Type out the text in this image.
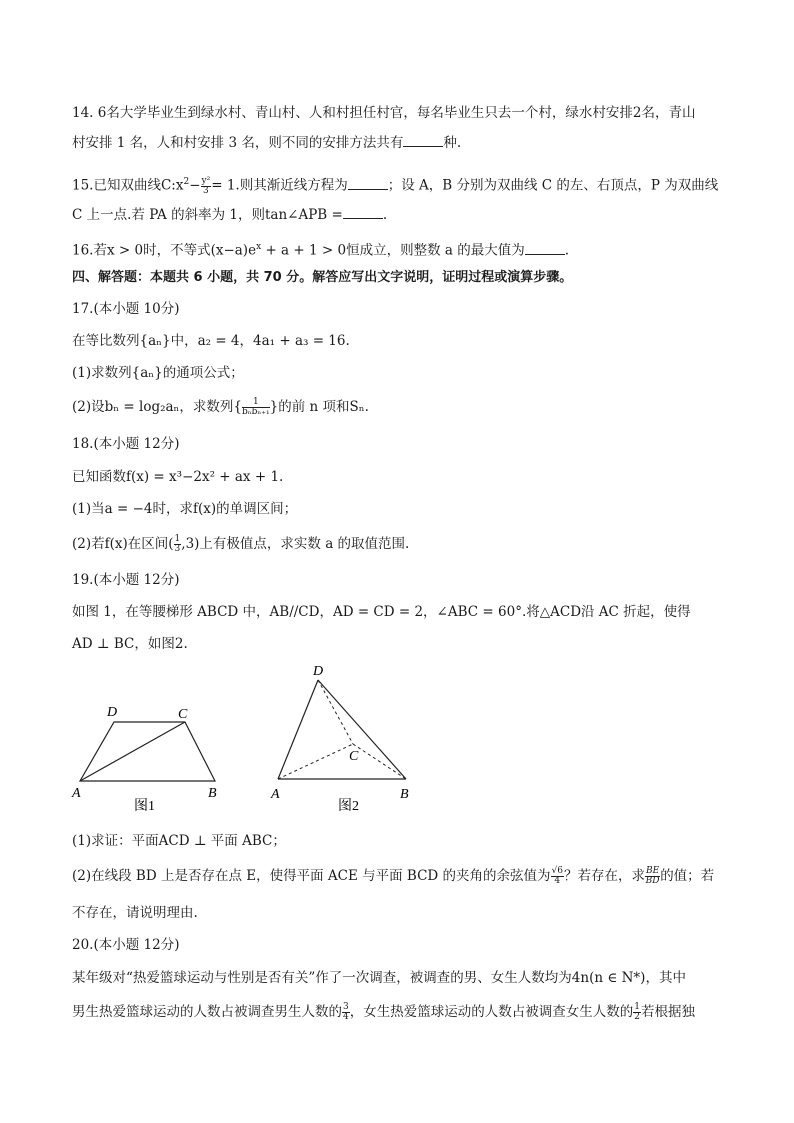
14. 6名大学毕业生到绿水村、青山村、人和村担任村官，每名毕业生只去一个村，绿水村安排2名，青山
村安排 1 名，人和村安排 3 名，则不同的安排方法共有	种.
15.已知双曲线$C:x^2- \frac{\text{y²}}{3} = 1$.则其渐近线方程为	；设 A，B 分别为双曲线 C 的左、右顶点，P 为双曲线
C 上一点.若 PA 的斜率为 1，则tan∠APB =	.
16.若x > 0时，不等式$(x-a)e^x + a + 1 > 0$恒成立，则整数 a 的最大值为	.
四、解答题：本题共 6 小题，共 70 分。解答应写出文字说明，证明过程或演算步骤。
17.(本小题 10分)
在等比数列{aₙ}中，a₂ = 4，4a₁ + a₃ = 16.
(1)求数列{aₙ}的通项公式；
(2)设bₙ = log₂aₙ，求数列{ $\frac{1}{\text{bₙbₙ₊₁}}$ }的前 n 项和Sₙ.
18.(本小题 12分)
已知函数f(x) = x³−2x² + ax + 1.
(1)当a = −4时，求f(x)的单调区间；
(2)若f(x)在区间( $\frac{1}{3} ,3$)上有极值点，求实数 a 的取值范围.
19.(本小题 12分)
如图 1，在等腰梯形 ABCD 中，AB//CD，AD = CD = 2，∠ABC = 60°.将△ACD沿 AC 折起，使得
AD ⊥ BC，如图2.
D	C
A	B
图1
D
C
A	B
图2
(1)求证：平面ACD ⊥ 平面 ABC；
(2)在线段 BD 上是否存在点 E，使得平面 ACE 与平面 BCD 的夹角的余弦值为 $\frac{√6}{4}$ ？若存在，求 $\frac{BE}{BD}$ 的值；若
不存在，请说明理由.
20.(本小题 12分)
某年级对“热爱篮球运动与性别是否有关”作了一次调查，被调查的男、女生人数均为4n(n ∈ N*)，其中
男生热爱篮球运动的人数占被调查男生人数的 $\frac{3}{4}$ ，女生热爱篮球运动的人数占被调查女生人数的 $\frac{1}{2}$ 若根据独
